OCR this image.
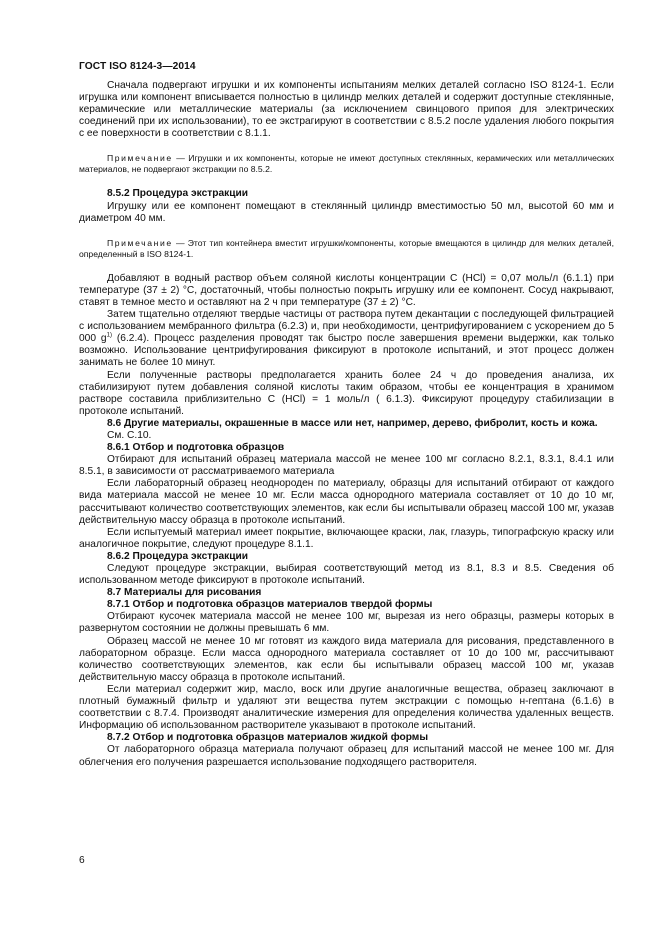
ГОСТ ISO 8124-3—2014

Сначала подвергают игрушки и их компоненты испытаниям мелких деталей согласно ISO 8124-1. Если игрушка или компонент вписывается полностью в цилиндр мелких деталей и содержит доступные стеклянные, керамические или металлические материалы (за исключением свинцового припоя для электрических соединений при их использовании), то ее экстрагируют в соответствии с 8.5.2 после удаления любого покрытия с ее поверхности в соответствии с 8.1.1.

Примечание — Игрушки и их компоненты, которые не имеют доступных стеклянных, керамических или металлических материалов, не подвергают экстракции по 8.5.2.

8.5.2 Процедура экстракции

Игрушку или ее компонент помещают в стеклянный цилиндр вместимостью 50 мл, высотой 60 мм и диаметром 40 мм.

Примечание — Этот тип контейнера вместит игрушки/компоненты, которые вмещаются в цилиндр для мелких деталей, определенный в ISO 8124-1.

Добавляют в водный раствор объем соляной кислоты концентрации C (HCl) = 0,07 моль/л (6.1.1) при температуре (37 ± 2) °С, достаточный, чтобы полностью покрыть игрушку или ее компонент. Сосуд накрывают, ставят в темное место и оставляют на 2 ч при температуре (37 ± 2) °С.

Затем тщательно отделяют твердые частицы от раствора путем декантации с последующей фильтрацией с использованием мембранного фильтра (6.2.3) и, при необходимости, центрифугированием с ускорением до 5 000 $g^{1)}$ (6.2.4). Процесс разделения проводят так быстро после завершения времени выдержки, как только возможно. Использование центрифугирования фиксируют в протоколе испытаний, и этот процесс должен занимать не более 10 минут.

Если полученные растворы предполагается хранить более 24 ч до проведения анализа, их стабилизируют путем добавления соляной кислоты таким образом, чтобы ее концентрация в хранимом растворе составила приблизительно C (HCl) = 1 моль/л ( 6.1.3). Фиксируют процедуру стабилизации в протоколе испытаний.

8.6 Другие материалы, окрашенные в массе или нет, например, дерево, фибролит, кость и кожа.

См. С.10.

8.6.1 Отбор и подготовка образцов

Отбирают для испытаний образец материала массой не менее 100 мг согласно 8.2.1, 8.3.1, 8.4.1 или 8.5.1, в зависимости от рассматриваемого материала

Если лабораторный образец неоднороден по материалу, образцы для испытаний отбирают от каждого вида материала массой не менее 10 мг. Если масса однородного материала составляет от 10 до 10 мг, рассчитывают количество соответствующих элементов, как если бы испытывали образец массой 100 мг, указав действительную массу образца в протоколе испытаний.

Если испытуемый материал имеет покрытие, включающее краски, лак, глазурь, типографскую краску или аналогичное покрытие, следуют процедуре 8.1.1.

8.6.2 Процедура экстракции

Следуют процедуре экстракции, выбирая соответствующий метод из 8.1, 8.3 и 8.5. Сведения об использованном методе фиксируют в протоколе испытаний.

8.7 Материалы для рисования

8.7.1 Отбор и подготовка образцов материалов твердой формы

Отбирают кусочек материала массой не менее 100 мг, вырезая из него образцы, размеры которых в развернутом состоянии не должны превышать 6 мм.

Образец массой не менее 10 мг готовят из каждого вида материала для рисования, представленного в лабораторном образце. Если масса однородного материала составляет от 10 до 100 мг, рассчитывают количество соответствующих элементов, как если бы испытывали образец массой 100 мг, указав действительную массу образца в протоколе испытаний.

Если материал содержит жир, масло, воск или другие аналогичные вещества, образец заключают в плотный бумажный фильтр и удаляют эти вещества путем экстракции с помощью н-гептана (6.1.6) в соответствии с 8.7.4. Производят аналитические измерения для определения количества удаленных веществ. Информацию об использованном растворителе указывают в протоколе испытаний.

8.7.2 Отбор и подготовка образцов материалов жидкой формы

От лабораторного образца материала получают образец для испытаний массой не менее 100 мг. Для облегчения его получения разрешается использование подходящего растворителя.

6
